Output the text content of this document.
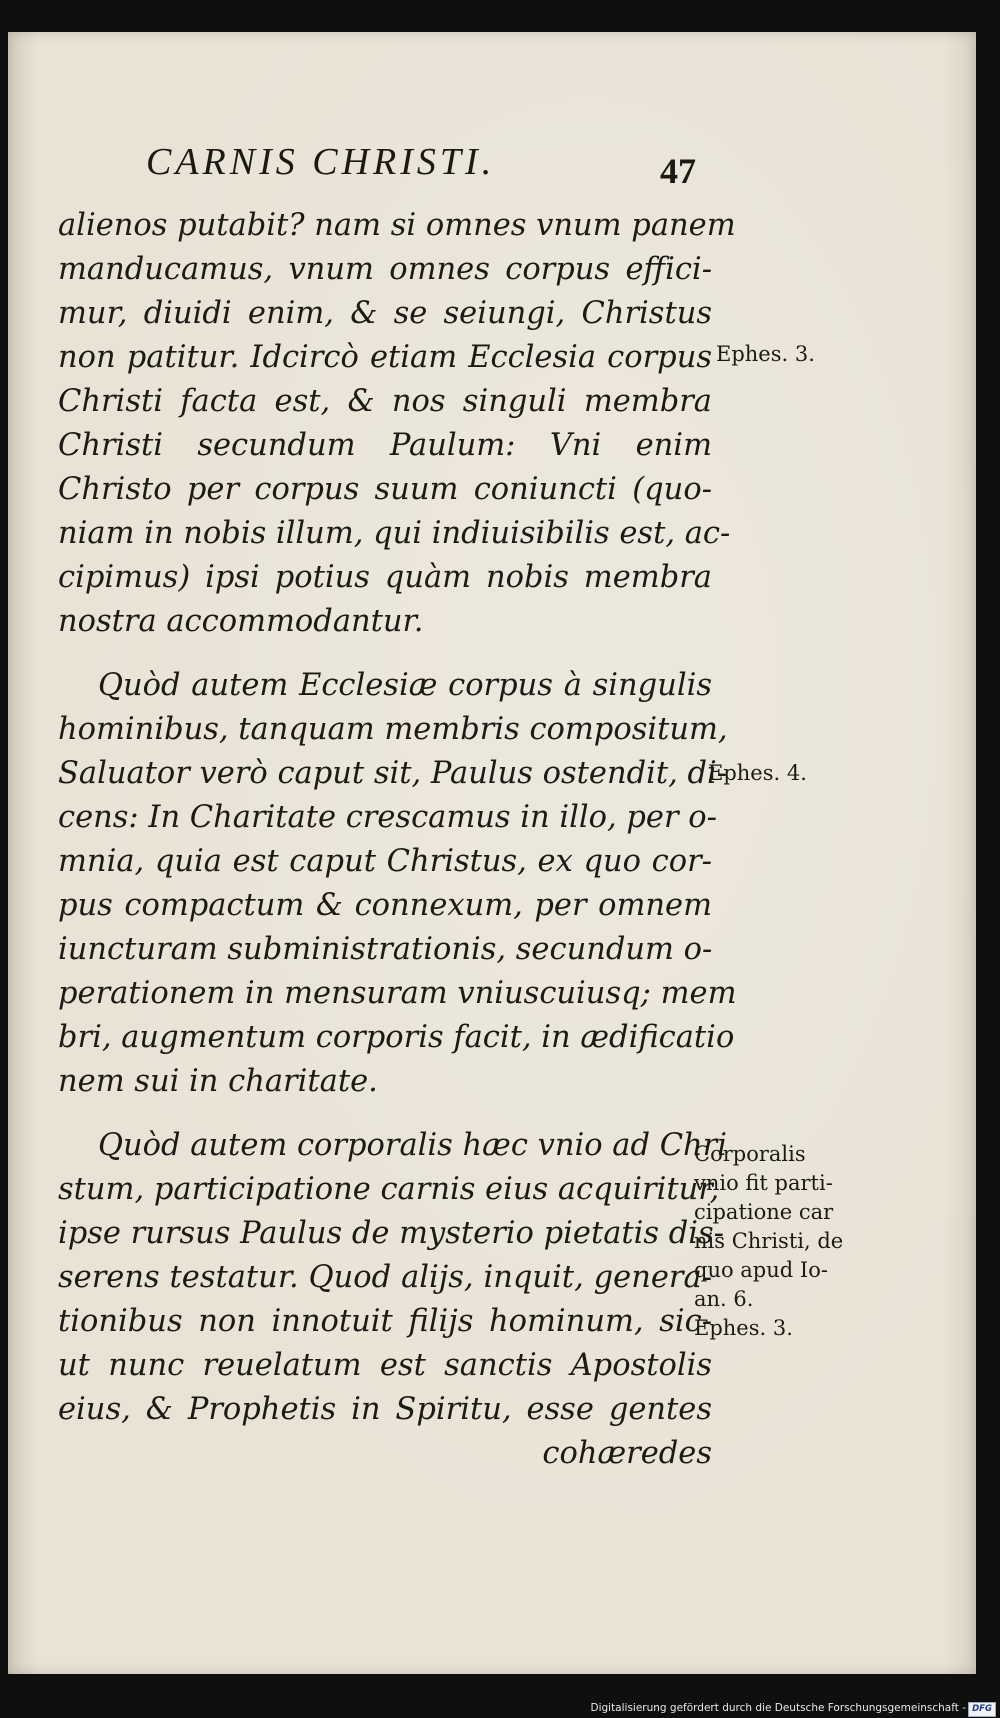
CARNIS CHRISTI.	47
alienos putabit? nam si omnes vnum panem
manducamus, vnum omnes corpus effici-
mur, diuidi enim, & se seiungi, Christus
non patitur. Idcircò etiam Ecclesia corpus
Christi facta est, & nos singuli membra
Christi secundum Paulum: Vni enim
Christo per corpus suum coniuncti (quo-
niam in nobis illum, qui indiuisibilis est, ac-
cipimus) ipsi potius quàm nobis membra
nostra accommodantur.
Quòd autem Ecclesiæ corpus à singulis
hominibus, tanquam membris compositum,
Saluator verò caput sit, Paulus ostendit, di-
cens: In Charitate crescamus in illo, per o-
mnia, quia est caput Christus, ex quo cor-
pus compactum & connexum, per omnem
iuncturam subministrationis, secundum o-
perationem in mensuram vniuscuiusq; mem
bri, augmentum corporis facit, in ædificatio
nem sui in charitate.
Quòd autem corporalis hæc vnio ad Chri
stum, participatione carnis eius acquiritur,
ipse rursus Paulus de mysterio pietatis dis-
serens testatur. Quod alijs, inquit, genera-
tionibus non innotuit filijs hominum, sic-
ut nunc reuelatum est sanctis Apostolis
eius, & Prophetis in Spiritu, esse gentes
cohæredes
Ephes. 3.
Ephes. 4.
Corporalis
vnio fit parti-
cipatione car
nis Christi, de
quo apud Io-
an. 6.
Ephes. 3.
Digitalisierung gefördert durch die Deutsche Forschungsgemeinschaft - DFG
